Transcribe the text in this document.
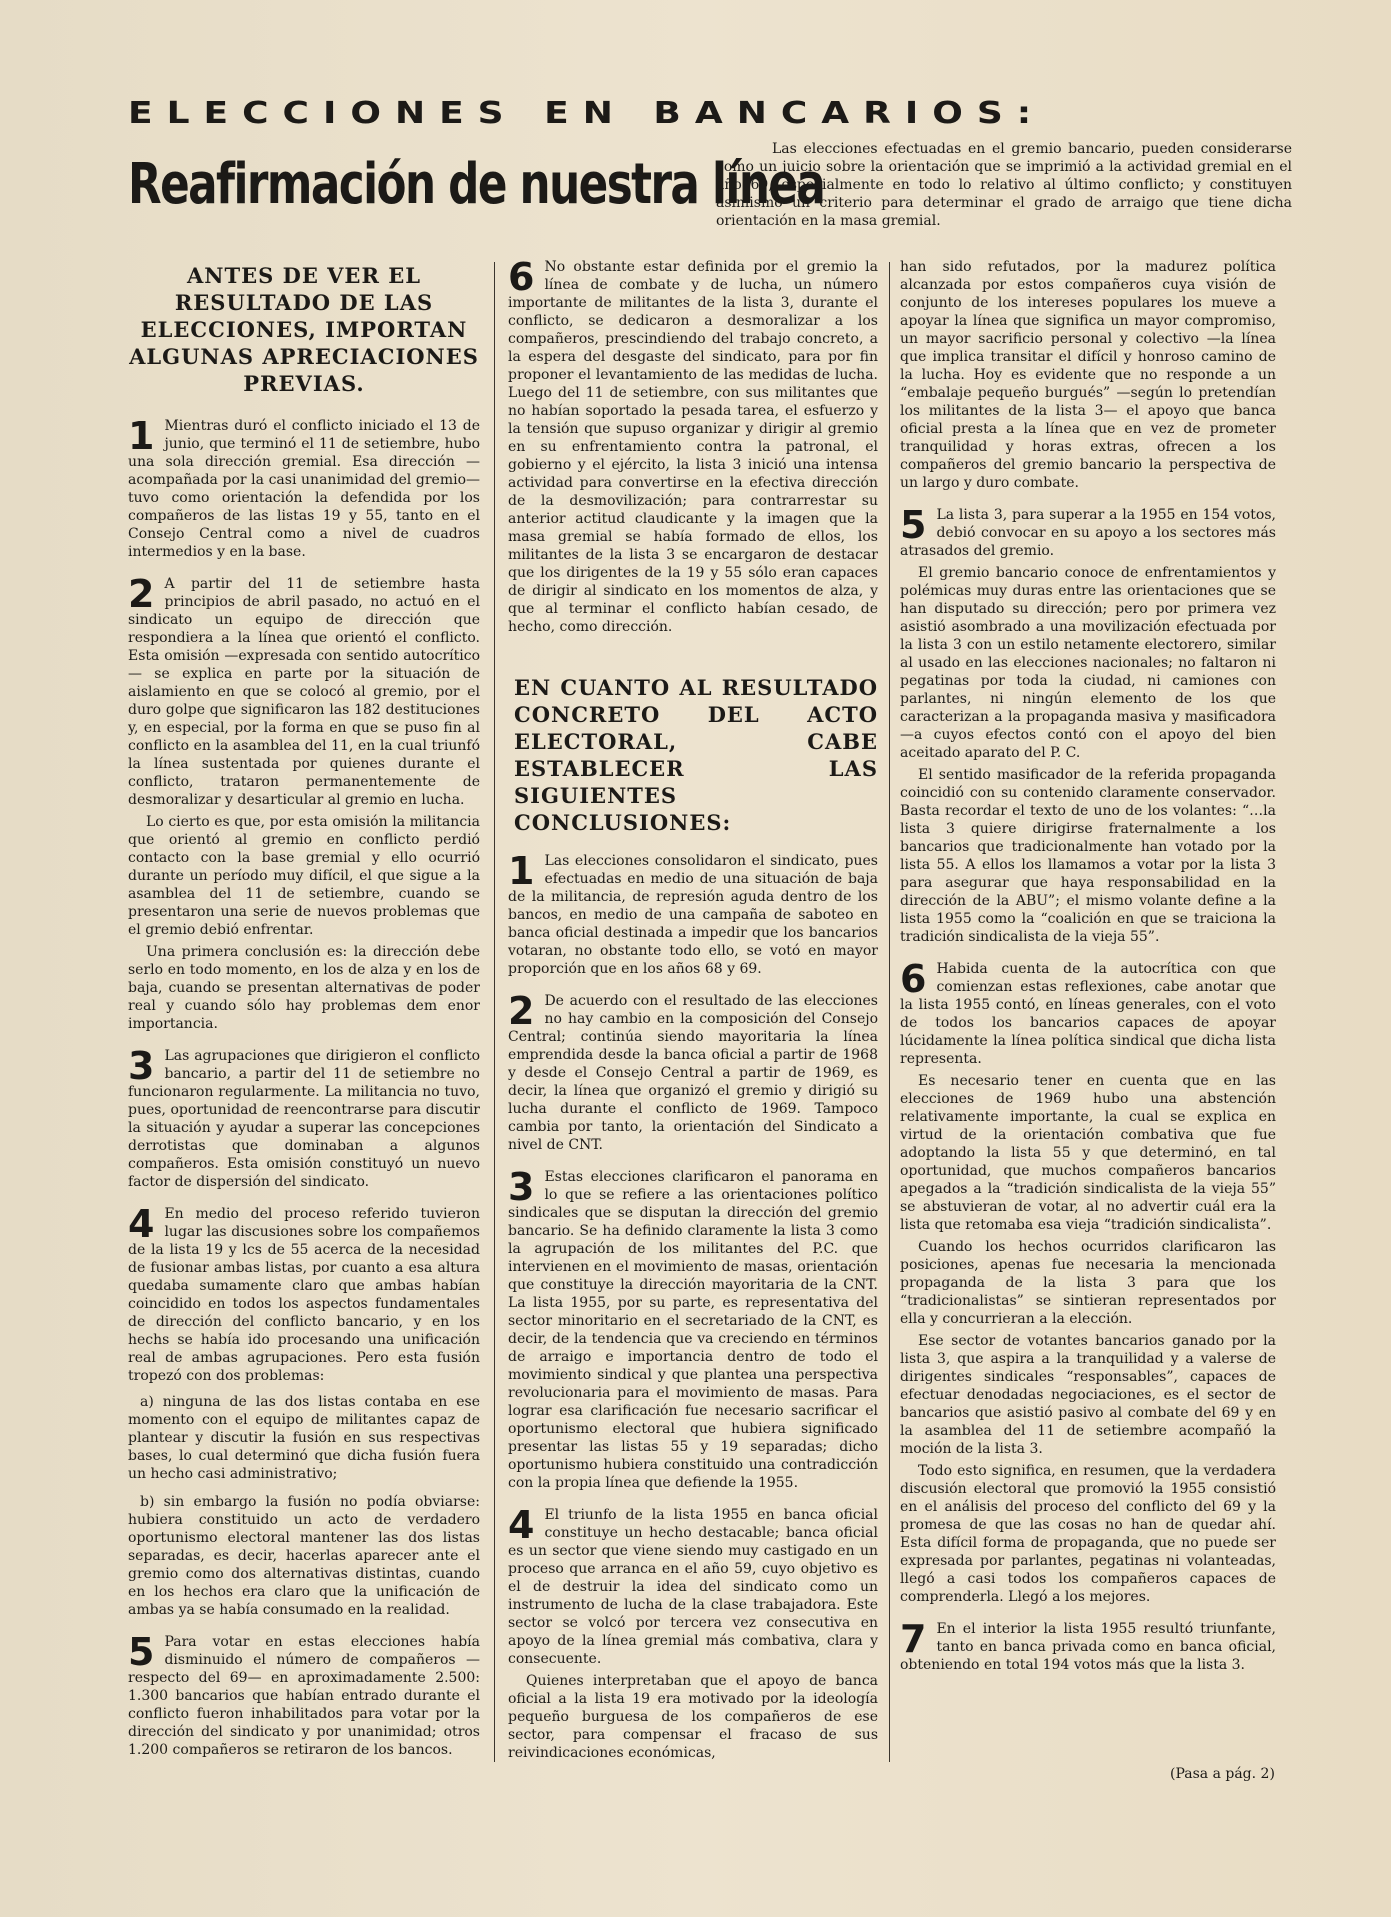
ELECCIONES EN BANCARIOS:
Reafirmación de nuestra línea
Las elecciones efectuadas en el gremio bancario, pueden considerarse como un juicio sobre la orientación que se imprimió a la actividad gremial en el año 69, especialmente en todo lo relativo al último conflicto; y constituyen asimismo un criterio para determinar el grado de arraigo que tiene dicha orientación en la masa gremial.
ANTES DE VER EL RESULTADO DE LAS ELECCIONES, IMPORTAN ALGUNAS APRECIACIONES PREVIAS.
1 Mientras duró el conflicto iniciado el 13 de junio, que terminó el 11 de setiembre, hubo una sola dirección gremial. Esa dirección —acompañada por la casi unanimidad del gremio— tuvo como orientación la defendida por los compañeros de las listas 19 y 55, tanto en el Consejo Central como a nivel de cuadros intermedios y en la base.
2 A partir del 11 de setiembre hasta principios de abril pasado, no actuó en el sindicato un equipo de dirección que respondiera a la línea que orientó el conflicto. Esta omisión —expresada con sentido autocrítico— se explica en parte por la situación de aislamiento en que se colocó al gremio, por el duro golpe que significaron las 182 destituciones y, en especial, por la forma en que se puso fin al conflicto en la asamblea del 11, en la cual triunfó la línea sustentada por quienes durante el conflicto, trataron permanentemente de desmoralizar y desarticular al gremio en lucha.
Lo cierto es que, por esta omisión la militancia que orientó al gremio en conflicto perdió contacto con la base gremial y ello ocurrió durante un período muy difícil, el que sigue a la asamblea del 11 de setiembre, cuando se presentaron una serie de nuevos problemas que el gremio debió enfrentar.
Una primera conclusión es: la dirección debe serlo en todo momento, en los de alza y en los de baja, cuando se presentan alternativas de poder real y cuando sólo hay problemas dem enor importancia.
3 Las agrupaciones que dirigieron el conflicto bancario, a partir del 11 de setiembre no funcionaron regularmente. La militancia no tuvo, pues, oportunidad de reencontrarse para discutir la situación y ayudar a superar las concepciones derrotistas que dominaban a algunos compañeros. Esta omisión constituyó un nuevo factor de dispersión del sindicato.
4 En medio del proceso referido tuvieron lugar las discusiones sobre los compañemos de la lista 19 y lcs de 55 acerca de la necesidad de fusionar ambas listas, por cuanto a esa altura quedaba sumamente claro que ambas habían coincidido en todos los aspectos fundamentales de dirección del conflicto bancario, y en los hechs se había ido procesando una unificación real de ambas agrupaciones. Pero esta fusión tropezó con dos problemas:
a) ninguna de las dos listas contaba en ese momento con el equipo de militantes capaz de plantear y discutir la fusión en sus respectivas bases, lo cual determinó que dicha fusión fuera un hecho casi administrativo;
b) sin embargo la fusión no podía obviarse: hubiera constituido un acto de verdadero oportunismo electoral mantener las dos listas separadas, es decir, hacerlas aparecer ante el gremio como dos alternativas distintas, cuando en los hechos era claro que la unificación de ambas ya se había consumado en la realidad.
5 Para votar en estas elecciones había disminuido el número de compañeros —respecto del 69— en aproximadamente 2.500: 1.300 bancarios que habían entrado durante el conflicto fueron inhabilitados para votar por la dirección del sindicato y por unanimidad; otros 1.200 compañeros se retiraron de los bancos.
6 No obstante estar definida por el gremio la línea de combate y de lucha, un número importante de militantes de la lista 3, durante el conflicto, se dedicaron a desmoralizar a los compañeros, prescindiendo del trabajo concreto, a la espera del desgaste del sindicato, para por fin proponer el levantamiento de las medidas de lucha. Luego del 11 de setiembre, con sus militantes que no habían soportado la pesada tarea, el esfuerzo y la tensión que supuso organizar y dirigir al gremio en su enfrentamiento contra la patronal, el gobierno y el ejército, la lista 3 inició una intensa actividad para convertirse en la efectiva dirección de la desmovilización; para contrarrestar su anterior actitud claudicante y la imagen que la masa gremial se había formado de ellos, los militantes de la lista 3 se encargaron de destacar que los dirigentes de la 19 y 55 sólo eran capaces de dirigir al sindicato en los momentos de alza, y que al terminar el conflicto habían cesado, de hecho, como dirección.
EN CUANTO AL RESULTADO CONCRETO DEL ACTO ELECTORAL, CABE ESTABLECER LAS SIGUIENTES CONCLUSIONES:
1 Las elecciones consolidaron el sindicato, pues efectuadas en medio de una situación de baja de la militancia, de represión aguda dentro de los bancos, en medio de una campaña de saboteo en banca oficial destinada a impedir que los bancarios votaran, no obstante todo ello, se votó en mayor proporción que en los años 68 y 69.
2 De acuerdo con el resultado de las elecciones no hay cambio en la composición del Consejo Central; continúa siendo mayoritaria la línea emprendida desde la banca oficial a partir de 1968 y desde el Consejo Central a partir de 1969, es decir, la línea que organizó el gremio y dirigió su lucha durante el conflicto de 1969. Tampoco cambia por tanto, la orientación del Sindicato a nivel de CNT.
3 Estas elecciones clarificaron el panorama en lo que se refiere a las orientaciones político sindicales que se disputan la dirección del gremio bancario. Se ha definido claramente la lista 3 como la agrupación de los militantes del P.C. que intervienen en el movimiento de masas, orientación que constituye la dirección mayoritaria de la CNT. La lista 1955, por su parte, es representativa del sector minoritario en el secretariado de la CNT, es decir, de la tendencia que va creciendo en términos de arraigo e importancia dentro de todo el movimiento sindical y que plantea una perspectiva revolucionaria para el movimiento de masas. Para lograr esa clarificación fue necesario sacrificar el oportunismo electoral que hubiera significado presentar las listas 55 y 19 separadas; dicho oportunismo hubiera constituido una contradicción con la propia línea que defiende la 1955.
4 El triunfo de la lista 1955 en banca oficial constituye un hecho destacable; banca oficial es un sector que viene siendo muy castigado en un proceso que arranca en el año 59, cuyo objetivo es el de destruir la idea del sindicato como un instrumento de lucha de la clase trabajadora. Este sector se volcó por tercera vez consecutiva en apoyo de la línea gremial más combativa, clara y consecuente.
Quienes interpretaban que el apoyo de banca oficial a la lista 19 era motivado por la ideología pequeño burguesa de los compañeros de ese sector, para compensar el fracaso de sus reivindicaciones económicas,
han sido refutados, por la madurez política alcanzada por estos compañeros cuya visión de conjunto de los intereses populares los mueve a apoyar la línea que significa un mayor compromiso, un mayor sacrificio personal y colectivo —la línea que implica transitar el difícil y honroso camino de la lucha. Hoy es evidente que no responde a un “embalaje pequeño burgués” —según lo pretendían los militantes de la lista 3— el apoyo que banca oficial presta a la línea que en vez de prometer tranquilidad y horas extras, ofrecen a los compañeros del gremio bancario la perspectiva de un largo y duro combate.
5 La lista 3, para superar a la 1955 en 154 votos, debió convocar en su apoyo a los sectores más atrasados del gremio.
El gremio bancario conoce de enfrentamientos y polémicas muy duras entre las orientaciones que se han disputado su dirección; pero por primera vez asistió asombrado a una movilización efectuada por la lista 3 con un estilo netamente electorero, similar al usado en las elecciones nacionales; no faltaron ni pegatinas por toda la ciudad, ni camiones con parlantes, ni ningún elemento de los que caracterizan a la propaganda masiva y masificadora —a cuyos efectos contó con el apoyo del bien aceitado aparato del P. C.
El sentido masificador de la referida propaganda coincidió con su contenido claramente conservador. Basta recordar el texto de uno de los volantes: “…la lista 3 quiere dirigirse fraternalmente a los bancarios que tradicionalmente han votado por la lista 55. A ellos los llamamos a votar por la lista 3 para asegurar que haya responsabilidad en la dirección de la ABU”; el mismo volante define a la lista 1955 como la “coalición en que se traiciona la tradición sindicalista de la vieja 55”.
6 Habida cuenta de la autocrítica con que comienzan estas reflexiones, cabe anotar que la lista 1955 contó, en líneas generales, con el voto de todos los bancarios capaces de apoyar lúcidamente la línea política sindical que dicha lista representa.
Es necesario tener en cuenta que en las elecciones de 1969 hubo una abstención relativamente importante, la cual se explica en virtud de la orientación combativa que fue adoptando la lista 55 y que determinó, en tal oportunidad, que muchos compañeros bancarios apegados a la “tradición sindicalista de la vieja 55” se abstuvieran de votar, al no advertir cuál era la lista que retomaba esa vieja “tradición sindicalista”.
Cuando los hechos ocurridos clarificaron las posiciones, apenas fue necesaria la mencionada propaganda de la lista 3 para que los “tradicionalistas” se sintieran representados por ella y concurrieran a la elección.
Ese sector de votantes bancarios ganado por la lista 3, que aspira a la tranquilidad y a valerse de dirigentes sindicales “responsables”, capaces de efectuar denodadas negociaciones, es el sector de bancarios que asistió pasivo al combate del 69 y en la asamblea del 11 de setiembre acompañó la moción de la lista 3.
Todo esto significa, en resumen, que la verdadera discusión electoral que promovió la 1955 consistió en el análisis del proceso del conflicto del 69 y la promesa de que las cosas no han de quedar ahí. Esta difícil forma de propaganda, que no puede ser expresada por parlantes, pegatinas ni volanteadas, llegó a casi todos los compañeros capaces de comprenderla. Llegó a los mejores.
7 En el interior la lista 1955 resultó triunfante, tanto en banca privada como en banca oficial, obteniendo en total 194 votos más que la lista 3.
(Pasa a pág. 2)
